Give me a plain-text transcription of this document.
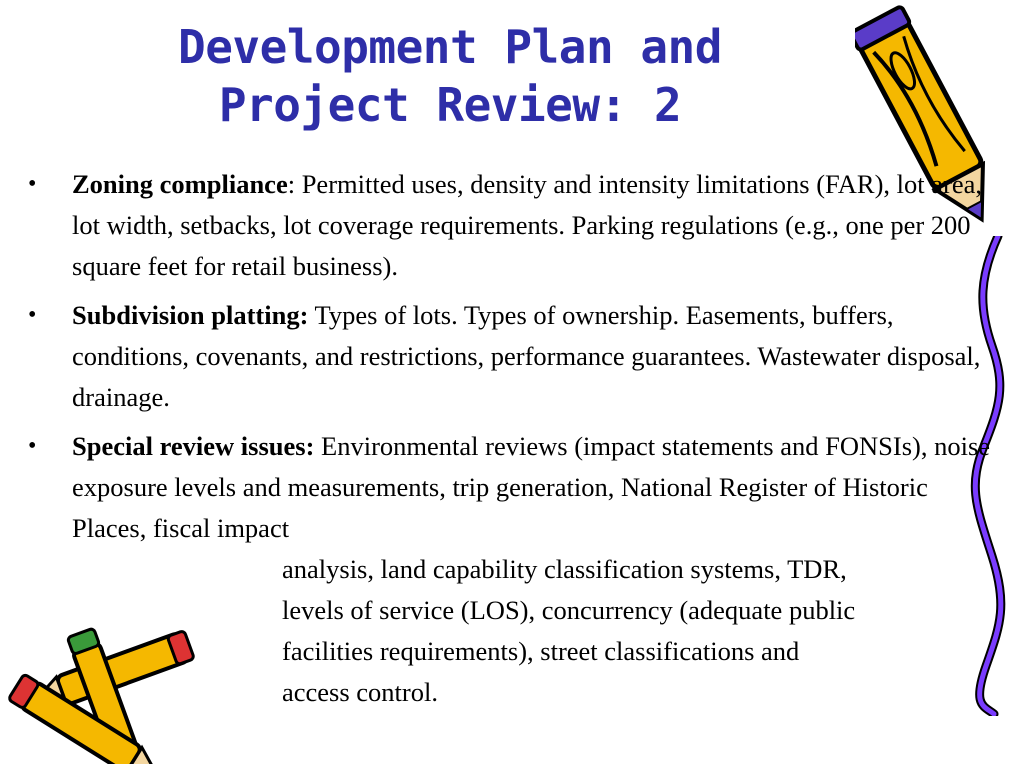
Development Plan and
Project Review: 2
• Zoning compliance: Permitted uses, density and intensity limitations (FAR), lot area, lot width, setbacks, lot coverage requirements. Parking regulations (e.g., one per 200 square feet for retail business).
• Subdivision platting: Types of lots. Types of ownership. Easements, buffers, conditions, covenants, and restrictions, performance guarantees. Wastewater disposal, drainage.
• Special review issues: Environmental reviews (impact statements and FONSIs), noise exposure levels and measurements, trip generation, National Register of Historic Places, fiscal impact
analysis, land capability classification systems, TDR,
levels of service (LOS), concurrency (adequate public
facilities requirements), street classifications and
access control.
